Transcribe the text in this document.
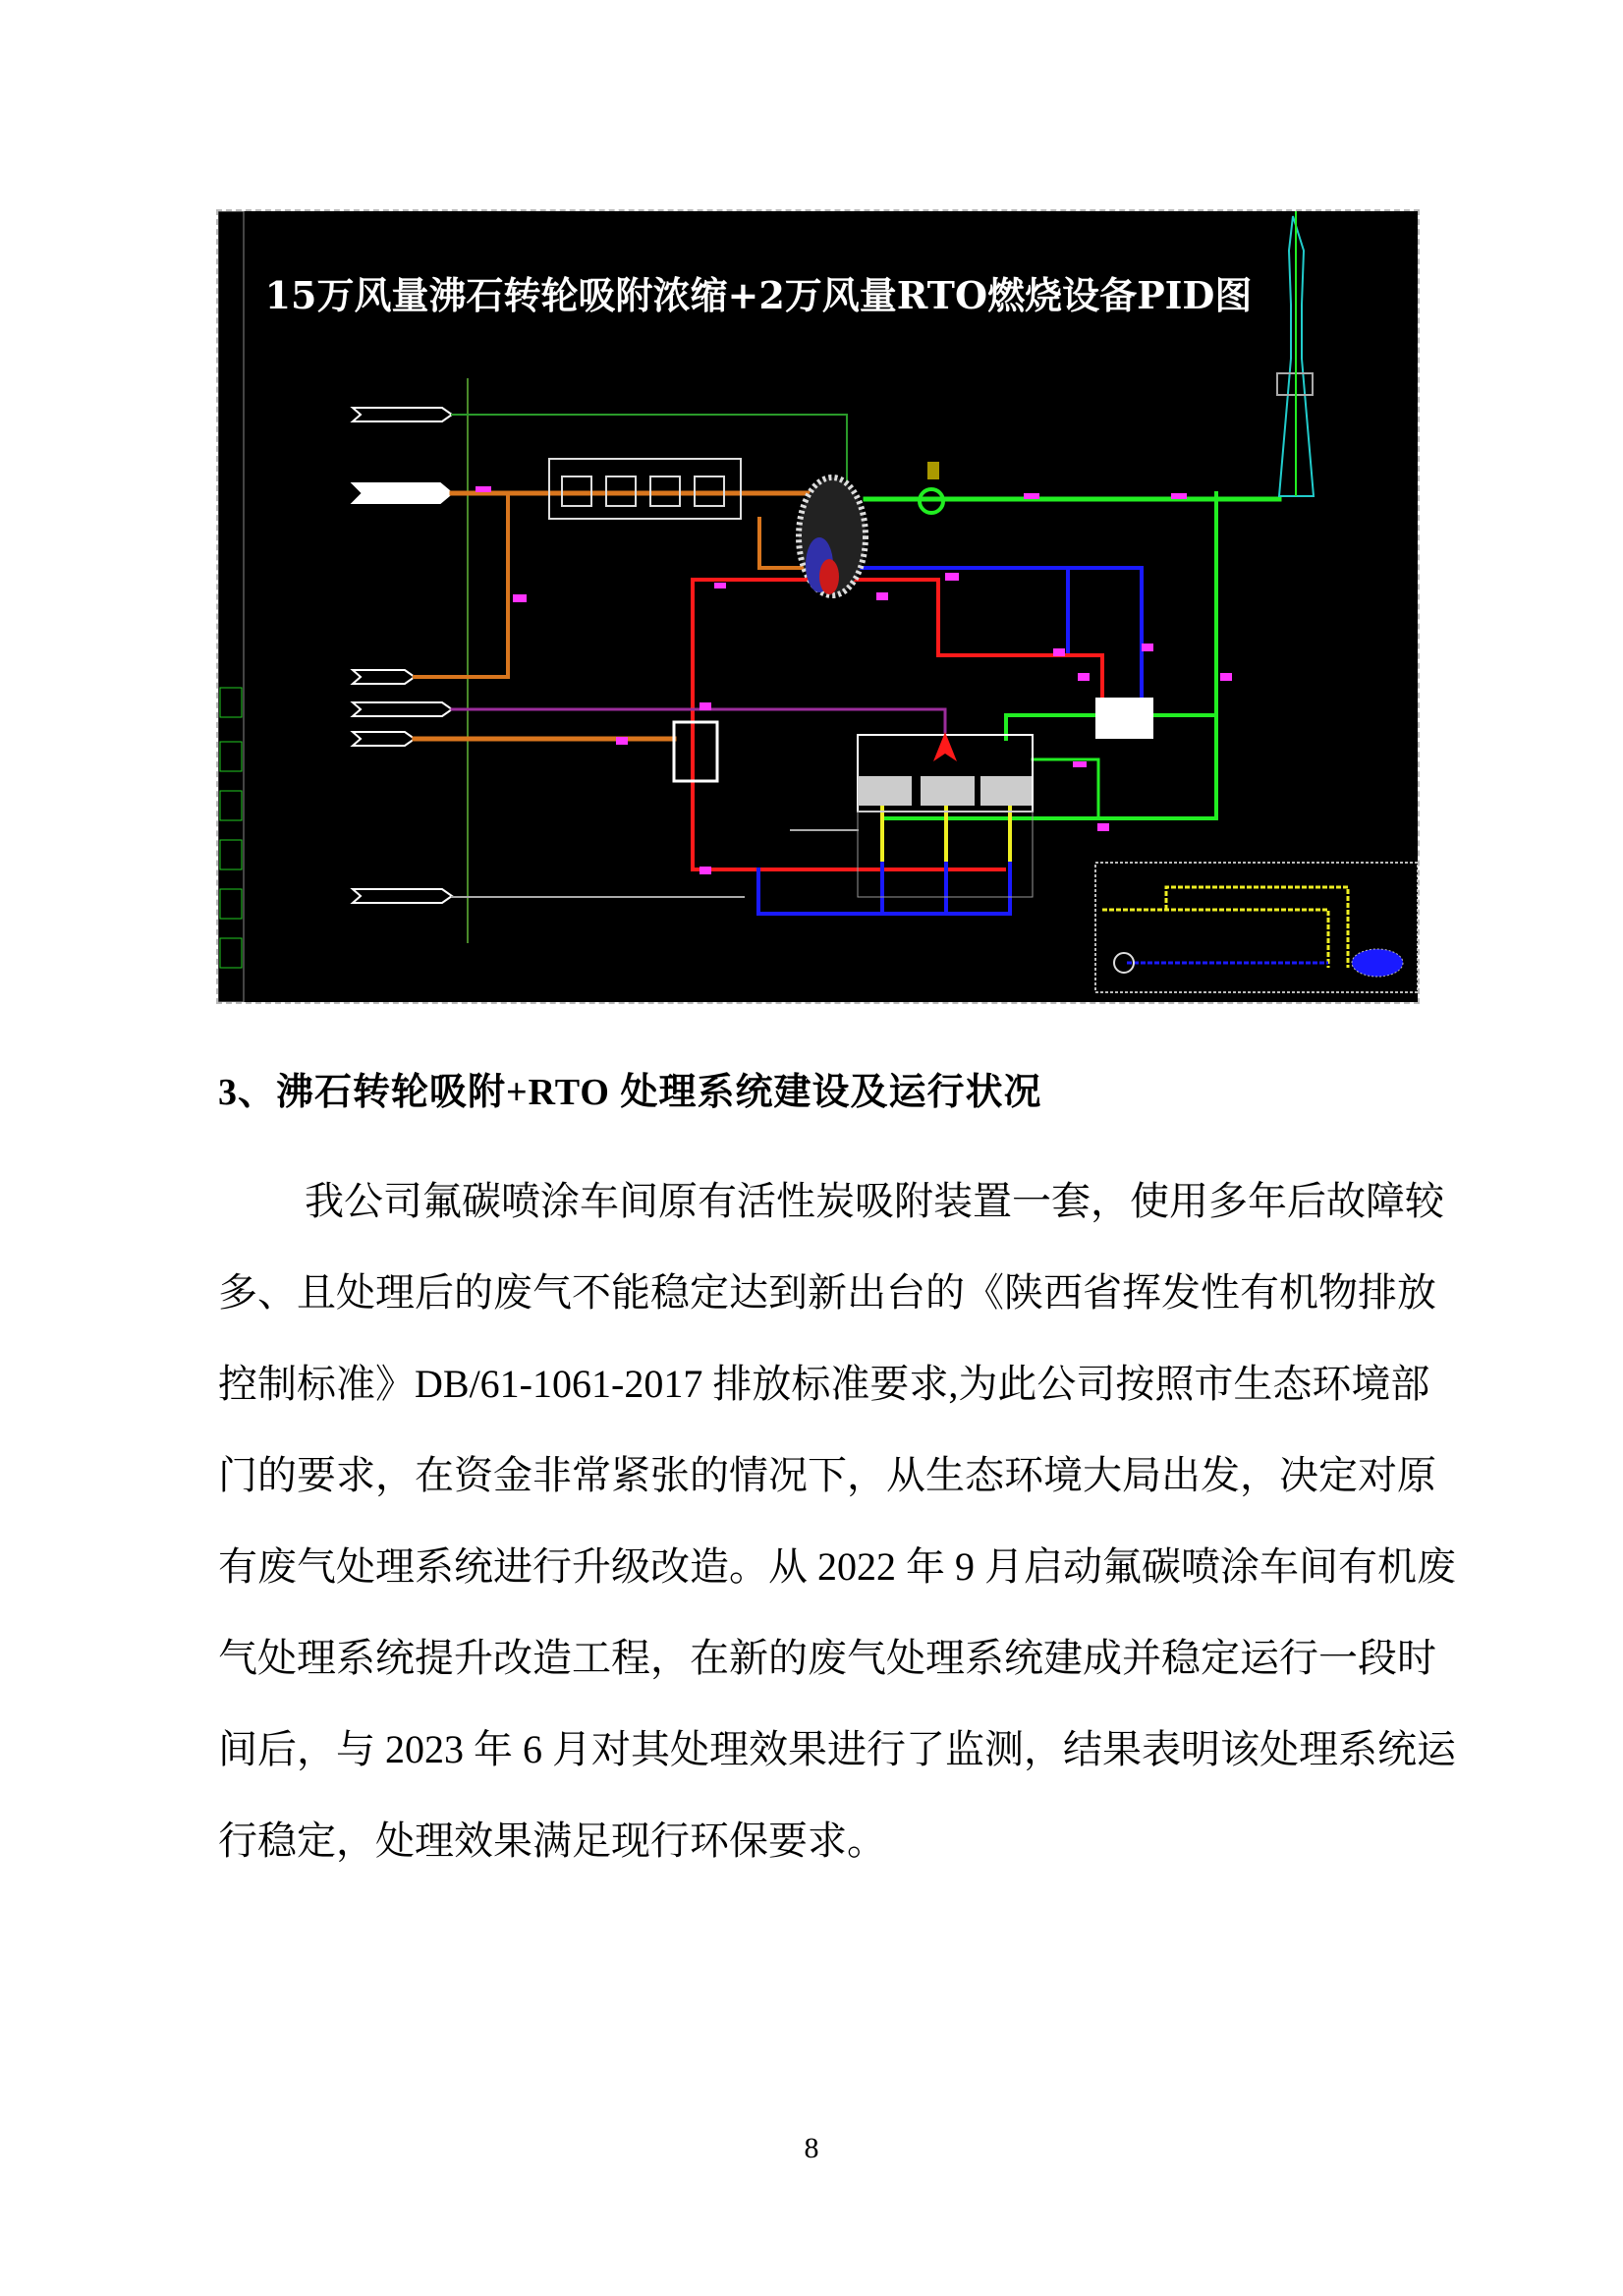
15万风量沸石转轮吸附浓缩+2万风量RTO燃烧设备PID图
3、沸石转轮吸附+RTO 处理系统建设及运行状况
我公司氟碳喷涂车间原有活性炭吸附装置一套，使用多年后故障较
多、且处理后的废气不能稳定达到新出台的《陕西省挥发性有机物排放
控制标准》DB/61-1061-2017 排放标准要求,为此公司按照市生态环境部
门的要求，在资金非常紧张的情况下，从生态环境大局出发，决定对原
有废气处理系统进行升级改造。从 2022 年 9 月启动氟碳喷涂车间有机废
气处理系统提升改造工程，在新的废气处理系统建成并稳定运行一段时
间后，与 2023 年 6 月对其处理效果进行了监测，结果表明该处理系统运
行稳定，处理效果满足现行环保要求。
8
